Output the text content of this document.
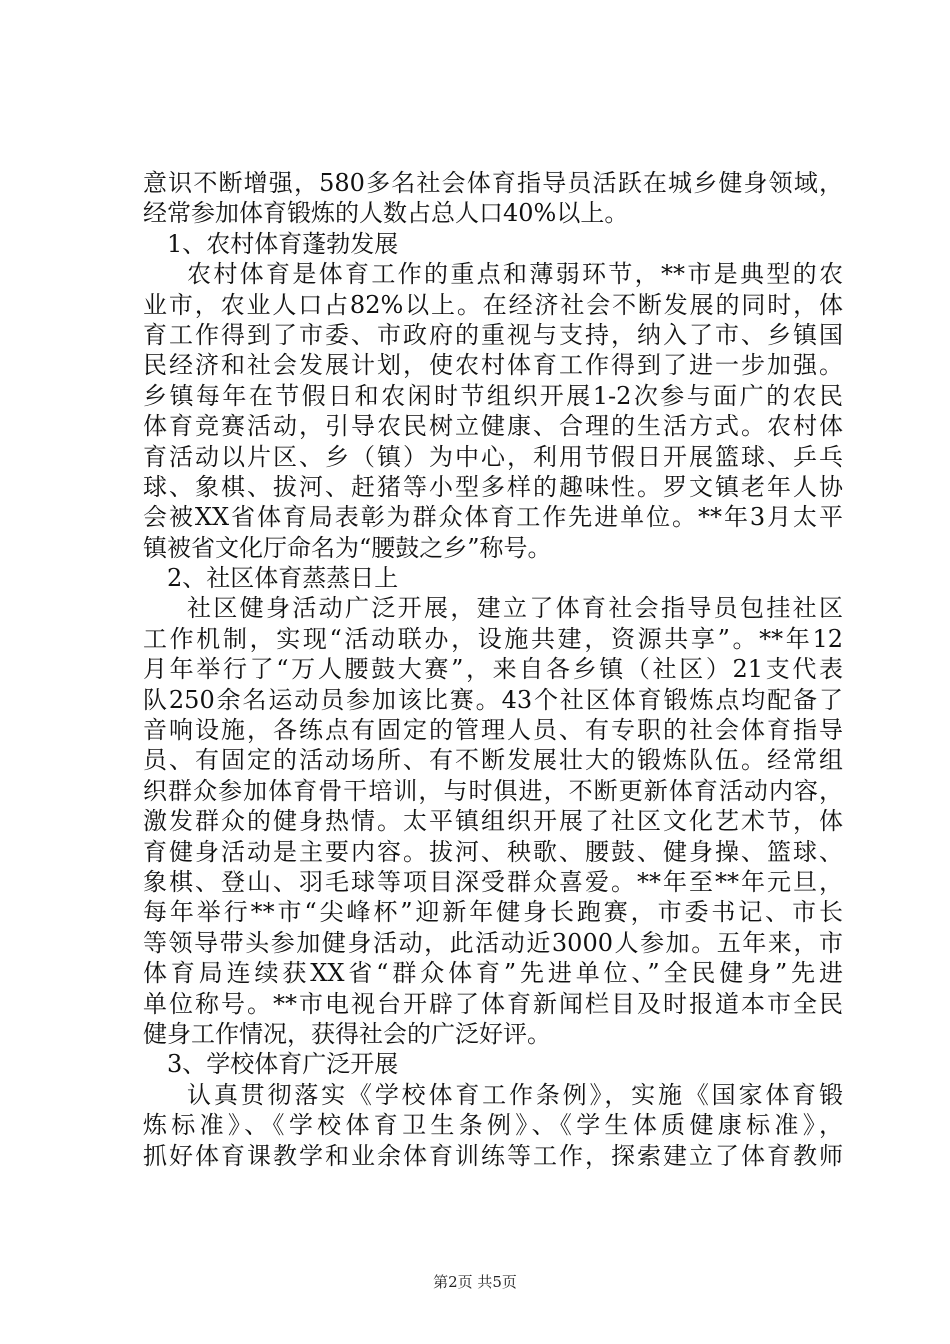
意识不断增强，580多名社会体育指导员活跃在城乡健身领域，
经常参加体育锻炼的人数占总人口40%以上。
1、农村体育蓬勃发展
农村体育是体育工作的重点和薄弱环节，**市是典型的农
业市，农业人口占82%以上。在经济社会不断发展的同时，体
育工作得到了市委、市政府的重视与支持，纳入了市、乡镇国
民经济和社会发展计划，使农村体育工作得到了进一步加强。
乡镇每年在节假日和农闲时节组织开展1-2次参与面广的农民
体育竞赛活动，引导农民树立健康、合理的生活方式。农村体
育活动以片区、乡（镇）为中心，利用节假日开展篮球、乒乓
球、象棋、拔河、赶猪等小型多样的趣味性。罗文镇老年人协
会被XX省体育局表彰为群众体育工作先进单位。**年3月太平
镇被省文化厅命名为“腰鼓之乡”称号。
2、社区体育蒸蒸日上
社区健身活动广泛开展，建立了体育社会指导员包挂社区
工作机制，实现“活动联办，设施共建，资源共享”。**年12
月年举行了“万人腰鼓大赛”，来自各乡镇（社区）21支代表
队250余名运动员参加该比赛。43个社区体育锻炼点均配备了
音响设施，各练点有固定的管理人员、有专职的社会体育指导
员、有固定的活动场所、有不断发展壮大的锻炼队伍。经常组
织群众参加体育骨干培训，与时俱进，不断更新体育活动内容，
激发群众的健身热情。太平镇组织开展了社区文化艺术节，体
育健身活动是主要内容。拔河、秧歌、腰鼓、健身操、篮球、
象棋、登山、羽毛球等项目深受群众喜爱。**年至**年元旦，
每年举行**市“尖峰杯”迎新年健身长跑赛，市委书记、市长
等领导带头参加健身活动，此活动近3000人参加。五年来，市
体育局连续获XX省“群众体育”先进单位、”全民健身”先进
单位称号。**市电视台开辟了体育新闻栏目及时报道本市全民
健身工作情况，获得社会的广泛好评。
3、学校体育广泛开展
认真贯彻落实《学校体育工作条例》，实施《国家体育锻
炼标准》、《学校体育卫生条例》、《学生体质健康标准》，
抓好体育课教学和业余体育训练等工作，探索建立了体育教师
第2页 共5页
